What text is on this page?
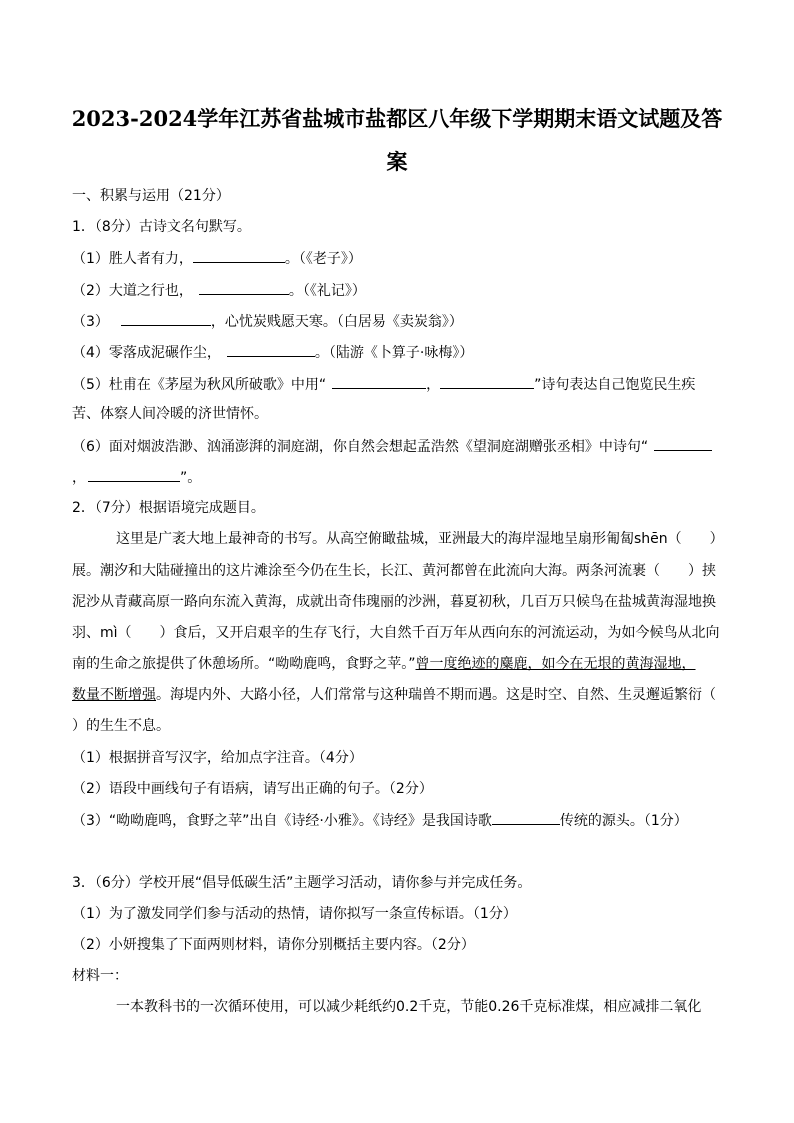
2023-2024学年江苏省盐城市盐都区八年级下学期期末语文试题及答
案
一、积累与运用（21分）
1．（8分）古诗文名句默写。
（1）胜人者有力，	。（《老子》）
（2）大道之行也，	。（《礼记》）
（3）	，心忧炭贱愿天寒。（白居易《卖炭翁》）
（4）零落成泥碾作尘，	。（陆游《卜算子·咏梅》）
（5）杜甫在《茅屋为秋风所破歌》中用“	，	”诗句表达自己饱览民生疾
苦、体察人间冷暖的济世情怀。
（6）面对烟波浩渺、汹涌澎湃的洞庭湖，你自然会想起孟浩然《望洞庭湖赠张丞相》中诗句“
，	”。
2．（7分）根据语境完成题目。
这里是广袤大地上最神奇的书写。从高空俯瞰盐城，亚洲最大的海岸湿地呈扇形匍匐shēn（　　）
展。潮汐和大陆碰撞出的这片滩涂至今仍在生长，长江、黄河都曾在此流向大海。两条河流裹（　　）挟
泥沙从青藏高原一路向东流入黄海，成就出奇伟瑰丽的沙洲，暮夏初秋，几百万只候鸟在盐城黄海湿地换
羽、mì（　　）食后，又开启艰辛的生存飞行，大自然千百万年从西向东的河流运动，为如今候鸟从北向
南的生命之旅提供了休憩场所。“呦呦鹿鸣，食野之苹。”曾一度绝迹的麋鹿，如今在无垠的黄海湿地，
数量不断增强。海堤内外、大路小径，人们常常与这种瑞兽不期而遇。这是时空、自然、生灵邂逅繁衍（
）的生生不息。
（1）根据拼音写汉字，给加点字注音。（4分）
（2）语段中画线句子有语病，请写出正确的句子。（2分）
（3）“呦呦鹿鸣，食野之苹”出自《诗经·小雅》。《诗经》是我国诗歌	传统的源头。（1分）
3．（6分）学校开展“倡导低碳生活”主题学习活动，请你参与并完成任务。
（1）为了激发同学们参与活动的热情，请你拟写一条宣传标语。（1分）
（2）小妍搜集了下面两则材料，请你分别概括主要内容。（2分）
材料一：
一本教科书的一次循环使用，可以减少耗纸约0.2千克，节能0.26千克标准煤，相应减排二氧化
